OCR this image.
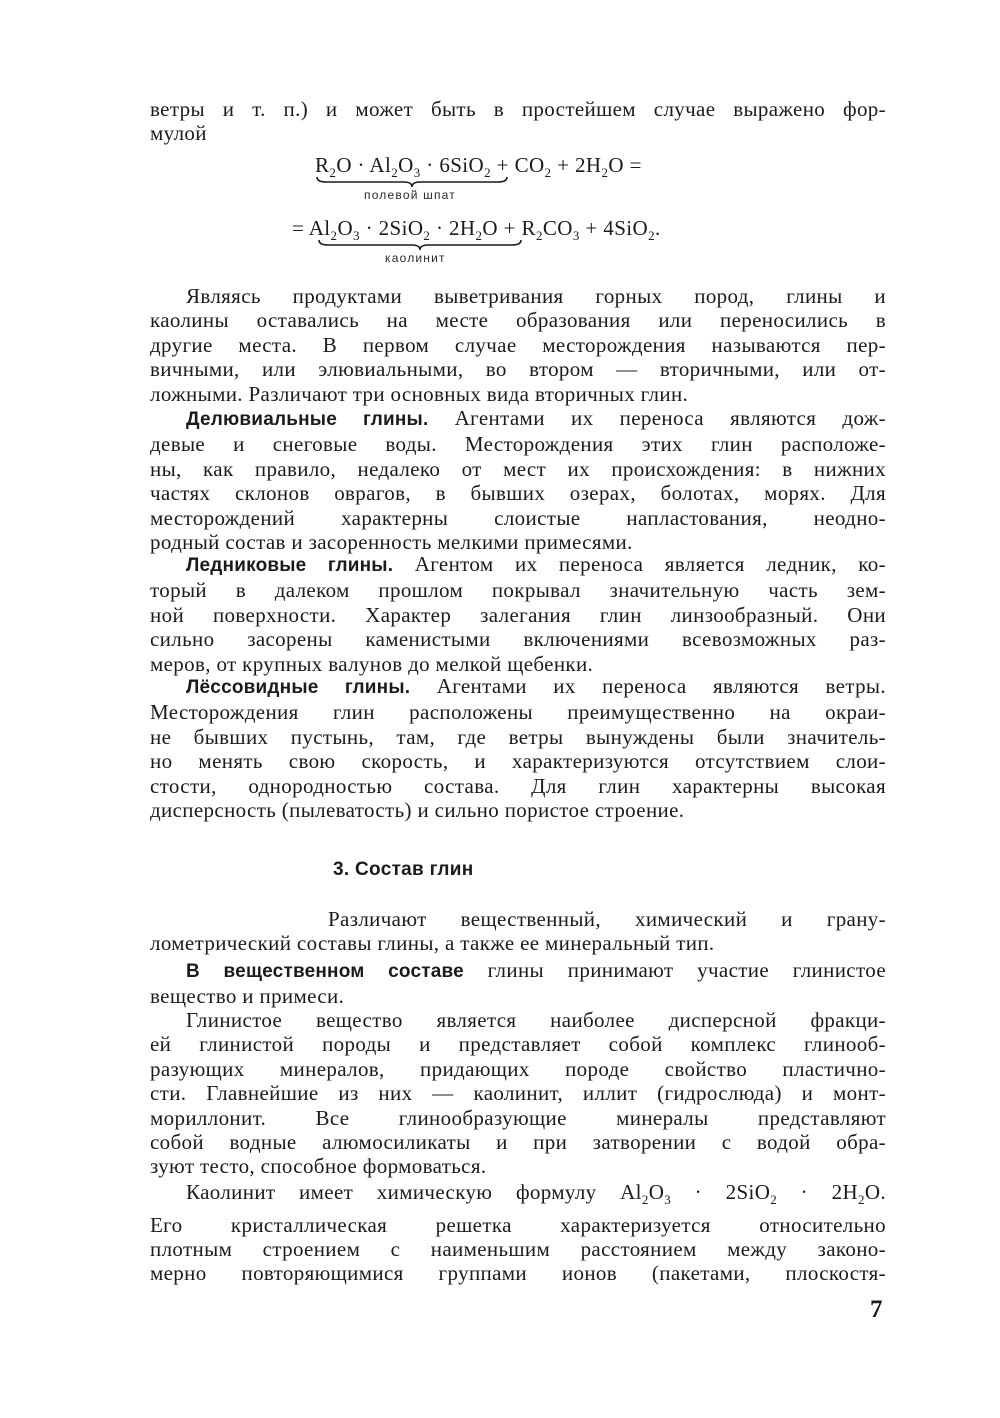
ветры и т. п.) и может быть в простейшем случае выражено фор-
мулой
$R_2O \cdot Al_2O_3 \cdot 6SiO_2 + CO_2 + 2H_2O$ =
полевой шпат
= $Al_2O_3 \cdot 2SiO_2 \cdot 2H_2O + R_2CO_3 + 4SiO_2$.
каолинит
Являясь продуктами выветривания горных пород, глины и
каолины оставались на месте образования или переносились в
другие места. В первом случае месторождения называются пер-
вичными, или элювиальными, во втором — вторичными, или от-
ложными. Различают три основных вида вторичных глин.
Делювиальные глины. Агентами их переноса являются дож-
девые и снеговые воды. Месторождения этих глин расположе-
ны, как правило, недалеко от мест их происхождения: в нижних
частях склонов оврагов, в бывших озерах, болотах, морях. Для
месторождений характерны слоистые напластования, неодно-
родный состав и засоренность мелкими примесями.
Ледниковые глины. Агентом их переноса является ледник, ко-
торый в далеком прошлом покрывал значительную часть зем-
ной поверхности. Характер залегания глин линзообразный. Они
сильно засорены каменистыми включениями всевозможных раз-
меров, от крупных валунов до мелкой щебенки.
Лёссовидные глины. Агентами их переноса являются ветры.
Месторождения глин расположены преимущественно на окраи-
не бывших пустынь, там, где ветры вынуждены были значитель-
но менять свою скорость, и характеризуются отсутствием слои-
стости, однородностью состава. Для глин характерны высокая
дисперсность (пылеватость) и сильно пористое строение.
3. Состав глин
Различают вещественный, химический и грану-
лометрический составы глины, а также ее минеральный тип.
В вещественном составе глины принимают участие глинистое
вещество и примеси.
Глинистое вещество является наиболее дисперсной фракци-
ей глинистой породы и представляет собой комплекс глинооб-
разующих минералов, придающих породе свойство пластично-
сти. Главнейшие из них — каолинит, иллит (гидрослюда) и монт-
мориллонит. Все глинообразующие минералы представляют
собой водные алюмосиликаты и при затворении с водой обра-
зуют тесто, способное формоваться.
Каолинит имеет химическую формулу $Al_2O_3 \cdot 2SiO_2 \cdot 2H_2O$.
Его кристаллическая решетка характеризуется относительно
плотным строением с наименьшим расстоянием между законо-
мерно повторяющимися группами ионов (пакетами, плоскостя-
7
